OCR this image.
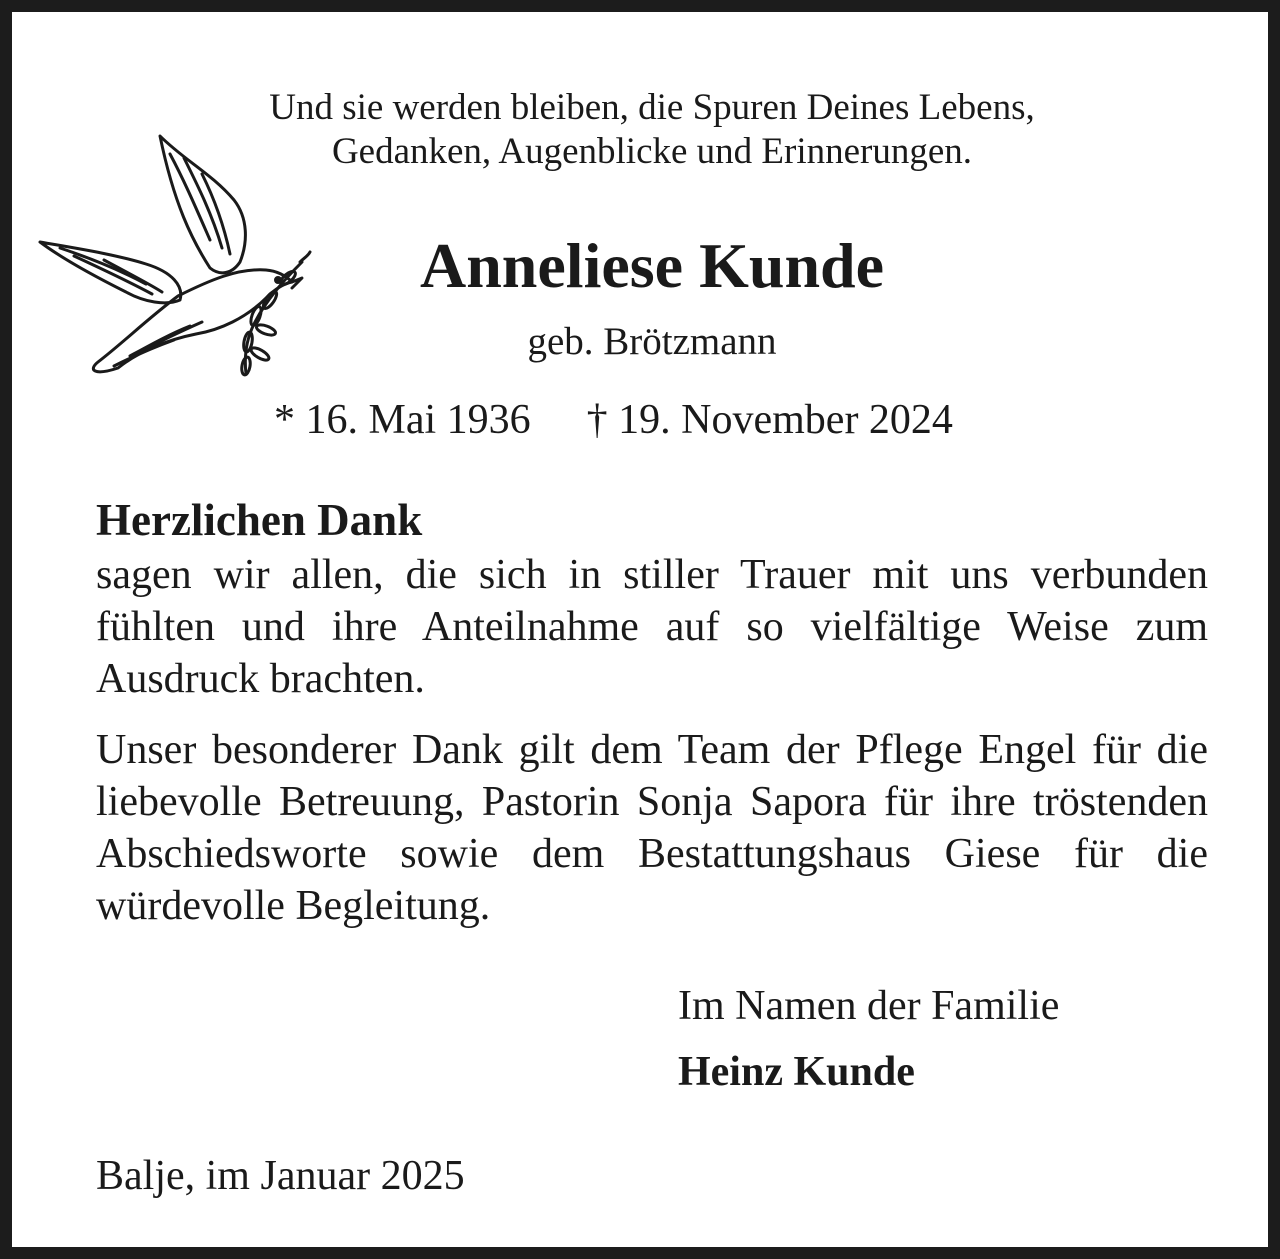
Und sie werden bleiben, die Spuren Deines Lebens,
Gedanken, Augenblicke und Erinnerungen.
Anneliese Kunde
geb. Brötzmann
* 16. Mai 1936 † 19. November 2024
Herzlichen Dank
sagen wir allen, die sich in stiller Trauer mit uns verbunden fühlten und ihre Anteilnahme auf so vielfältige Weise zum Ausdruck brachten.
Unser besonderer Dank gilt dem Team der Pflege Engel für die liebevolle Betreuung, Pastorin Sonja Sapora für ihre tröstenden Abschiedsworte sowie dem Bestattungshaus Giese für die würdevolle Begleitung.
Im Namen der Familie
Heinz Kunde
Balje, im Januar 2025
